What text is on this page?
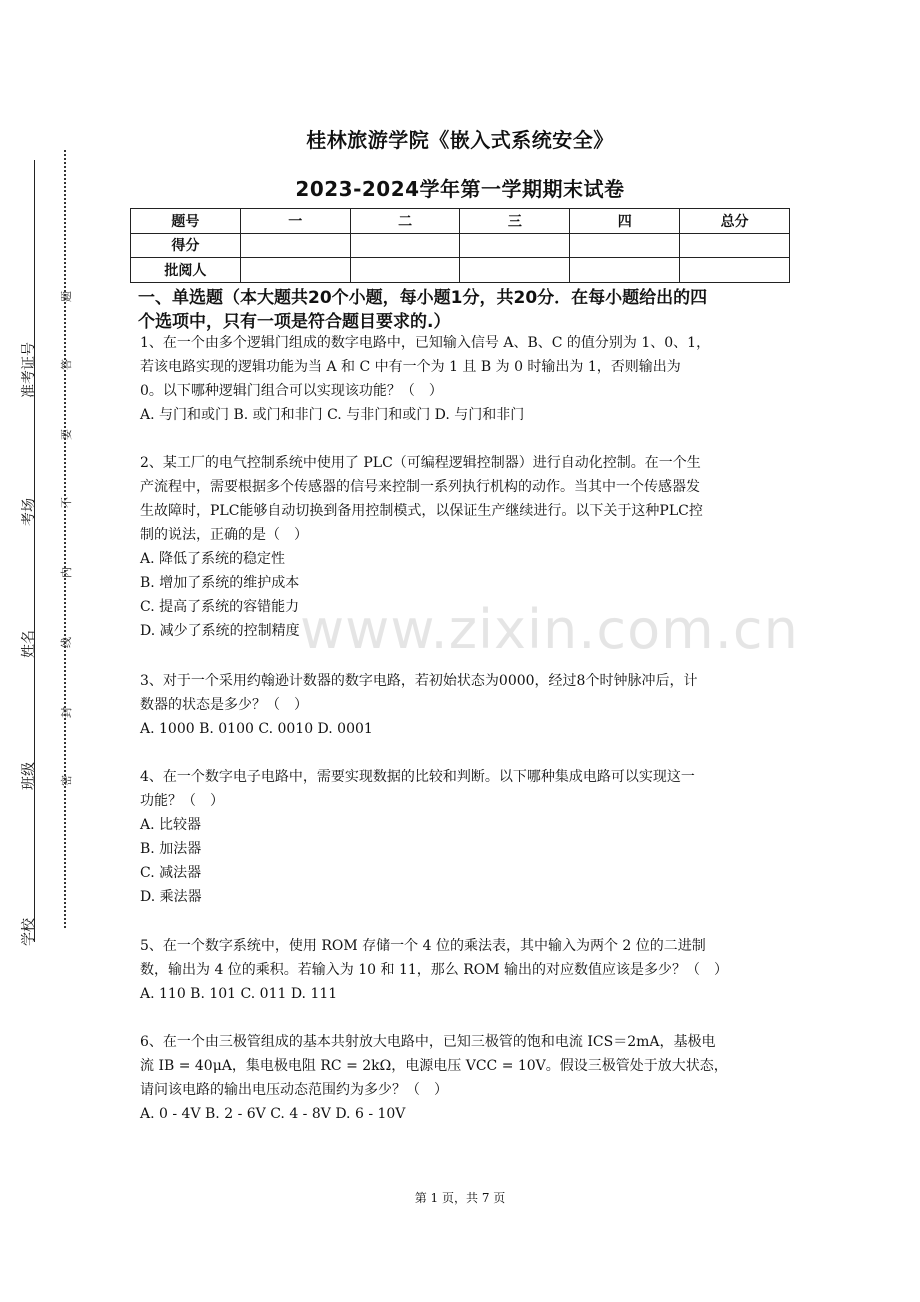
准考证号
考场
姓名
班级
学校
题
答
要
不
内
线
封
密
桂林旅游学院《嵌入式系统安全》
2023-2024学年第一学期期末试卷
题号	一	二	三	四	总分
得分					
批阅人					
一、单选题（本大题共20个小题，每小题1分，共20分．在每小题给出的四
个选项中，只有一项是符合题目要求的.）

1、在一个由多个逻辑门组成的数字电路中，已知输入信号 A、B、C 的值分别为 1、0、1，

若该电路实现的逻辑功能为当 A 和 C 中有一个为 1 且 B 为 0 时输出为 1，否则输出为

0。以下哪种逻辑门组合可以实现该功能？（　）

A. 与门和或门 B. 或门和非门 C. 与非门和或门 D. 与门和非门

2、某工厂的电气控制系统中使用了 PLC（可编程逻辑控制器）进行自动化控制。在一个生

产流程中，需要根据多个传感器的信号来控制一系列执行机构的动作。当其中一个传感器发

生故障时，PLC能够自动切换到备用控制模式，以保证生产继续进行。以下关于这种PLC控

制的说法，正确的是（　）

A. 降低了系统的稳定性

B. 增加了系统的维护成本

C. 提高了系统的容错能力

D. 减少了系统的控制精度

3、对于一个采用约翰逊计数器的数字电路，若初始状态为0000，经过8个时钟脉冲后，计

数器的状态是多少？（　）

A. 1000 B. 0100 C. 0010 D. 0001

4、在一个数字电子电路中，需要实现数据的比较和判断。以下哪种集成电路可以实现这一

功能？（　）

A. 比较器

B. 加法器

C. 减法器

D. 乘法器

5、在一个数字系统中，使用 ROM 存储一个 4 位的乘法表，其中输入为两个 2 位的二进制

数，输出为 4 位的乘积。若输入为 10 和 11，那么 ROM 输出的对应数值应该是多少？（　）

A. 110 B. 101 C. 011 D. 111

6、在一个由三极管组成的基本共射放大电路中，已知三极管的饱和电流 ICS＝2mA，基极电

流 IB = 40μA，集电极电阻 RC = 2kΩ，电源电压 VCC = 10V。假设三极管处于放大状态，

请问该电路的输出电压动态范围约为多少？（　）

A. 0 - 4V B. 2 - 6V C. 4 - 8V D. 6 - 10V

www.zixin.com.cn
第 1 页，共 7 页
